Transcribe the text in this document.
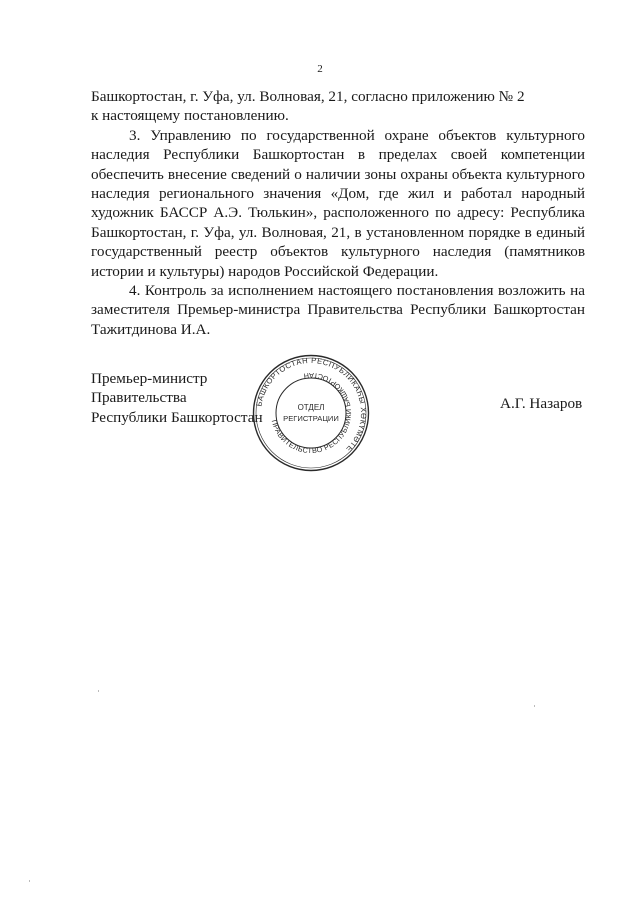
2

Башкортостан, г. Уфа, ул. Волновая, 21, согласно приложению № 2
к настоящему постановлению.

3. Управлению по государственной охране объектов культурного наследия Республики Башкортостан в пределах своей компетенции обеспечить внесение сведений о наличии зоны охраны объекта культурного наследия регионального значения «Дом, где жил и работал народный художник БАССР А.Э. Тюлькин», расположенного по адресу: Республика Башкортостан, г. Уфа, ул. Волновая, 21, в установленном порядке в единый государственный реестр объектов культурного наследия (памятников истории и культуры) народов Российской Федерации.

4. Контроль за исполнением настоящего постановления возложить на заместителя Премьер-министра Правительства Республики Башкортостан Тажитдинова И.А.

Премьер-министр
Правительства
Республики Башкортостан
А.Г. Назаров
БАШКОРТОСТАН РЕСПУБЛИКАҺЫ ХӨКҮМӘТЕ
ПРАВИТЕЛЬСТВО РЕСПУБЛИКИ БАШКОРТОСТАН
ОТДЕЛ
РЕГИСТРАЦИИ
